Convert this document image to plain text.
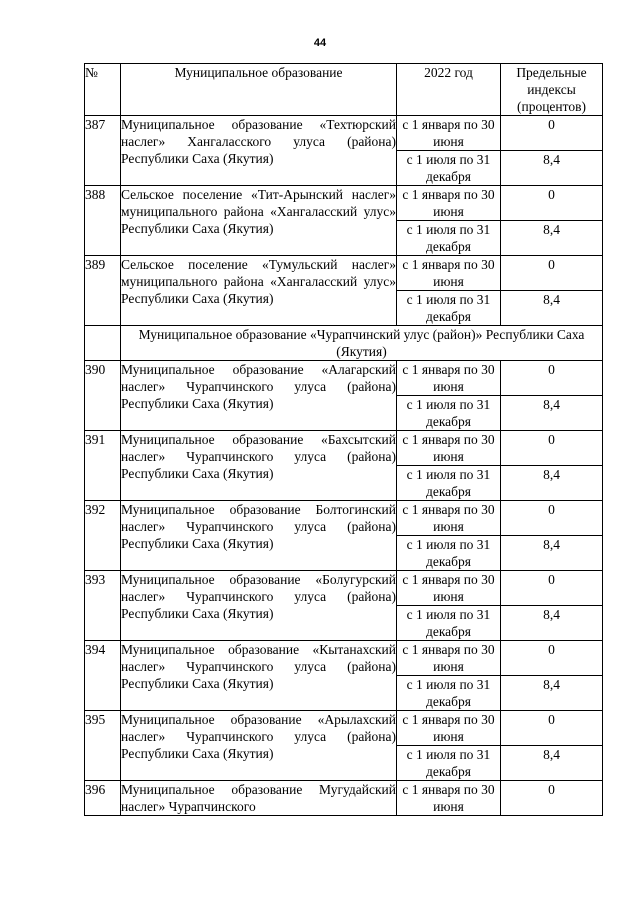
44
№	Муниципальное образование	2022 год	Предельные индексы (процентов)
387	Муниципальное образование «Техтюрский наслег» Хангаласского улуса (района) Республики Саха (Якутия)	с 1 января по 30 июня	0
		с 1 июля по 31 декабря	8,4
388	Сельское поселение «Тит-Арынский наслег» муниципального района «Хангаласский улус» Республики Саха (Якутия)	с 1 января по 30 июня	0
		с 1 июля по 31 декабря	8,4
389	Сельское поселение «Тумульский наслег» муниципального района «Хангаласский улус» Республики Саха (Якутия)	с 1 января по 30 июня	0
		с 1 июля по 31 декабря	8,4
	Муниципальное образование «Чурапчинский улус (район)» Республики Саха (Якутия)		
390	Муниципальное образование «Алагарский наслег» Чурапчинского улуса (района) Республики Саха (Якутия)	с 1 января по 30 июня	0
		с 1 июля по 31 декабря	8,4
391	Муниципальное образование «Бахсытский наслег» Чурапчинского улуса (района) Республики Саха (Якутия)	с 1 января по 30 июня	0
		с 1 июля по 31 декабря	8,4
392	Муниципальное образование Болтогинский наслег» Чурапчинского улуса (района) Республики Саха (Якутия)	с 1 января по 30 июня	0
		с 1 июля по 31 декабря	8,4
393	Муниципальное образование «Болугурский наслег» Чурапчинского улуса (района) Республики Саха (Якутия)	с 1 января по 30 июня	0
		с 1 июля по 31 декабря	8,4
394	Муниципальное образование «Кытанахский наслег» Чурапчинского улуса (района) Республики Саха (Якутия)	с 1 января по 30 июня	0
		с 1 июля по 31 декабря	8,4
395	Муниципальное образование «Арылахский наслег» Чурапчинского улуса (района) Республики Саха (Якутия)	с 1 января по 30 июня	0
		с 1 июля по 31 декабря	8,4
396	Муниципальное образование Мугудайский наслег» Чурапчинского	с 1 января по 30 июня	0
